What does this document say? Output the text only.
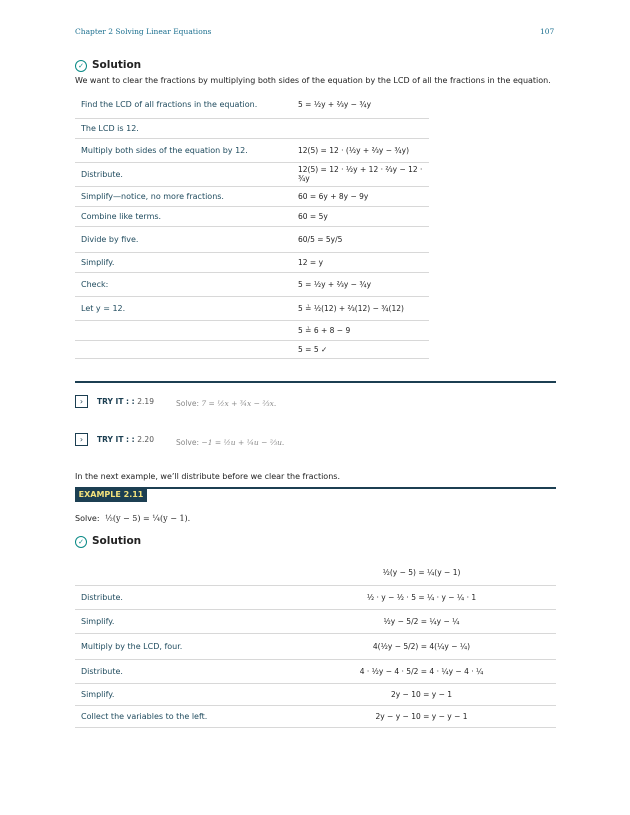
Chapter 2 Solving Linear Equations	107
✓ Solution
We want to clear the fractions by multiplying both sides of the equation by the LCD of all the fractions in the equation.
Find the LCD of all fractions in the equation.	5 = ½y + ⅔y − ¾y
The LCD is 12.	
Multiply both sides of the equation by 12.	12(5) = 12 · (½y + ⅔y − ¾y)
Distribute.	12(5) = 12 · ½y + 12 · ⅔y − 12 · ¾y
Simplify—notice, no more fractions.	60 = 6y + 8y − 9y
Combine like terms.	60 = 5y
Divide by five.	60/5 = 5y/5
Simplify.	12 = y
Check:	5 = ½y + ⅔y − ¾y
Let y = 12.	5 ≟ ½(12) + ⅔(12) − ¾(12)
	5 ≟ 6 + 8 − 9
	5 = 5 ✓
›	TRY IT : : 2.19	Solve: 7 = ½x + ¾x − ⅔x.
›	TRY IT : : 2.20	Solve: −1 = ½u + ¼u − ⅔u.
In the next example, we’ll distribute before we clear the fractions.
EXAMPLE 2.11
Solve: ½(y − 5) = ¼(y − 1).
✓ Solution
	½(y − 5) = ¼(y − 1)
Distribute.	½ · y − ½ · 5 = ¼ · y − ¼ · 1
Simplify.	½y − 5/2 = ¼y − ¼
Multiply by the LCD, four.	4(½y − 5/2) = 4(¼y − ¼)
Distribute.	4 · ½y − 4 · 5/2 = 4 · ¼y − 4 · ¼
Simplify.	2y − 10 = y − 1
Collect the variables to the left.	2y − y − 10 = y − y − 1
